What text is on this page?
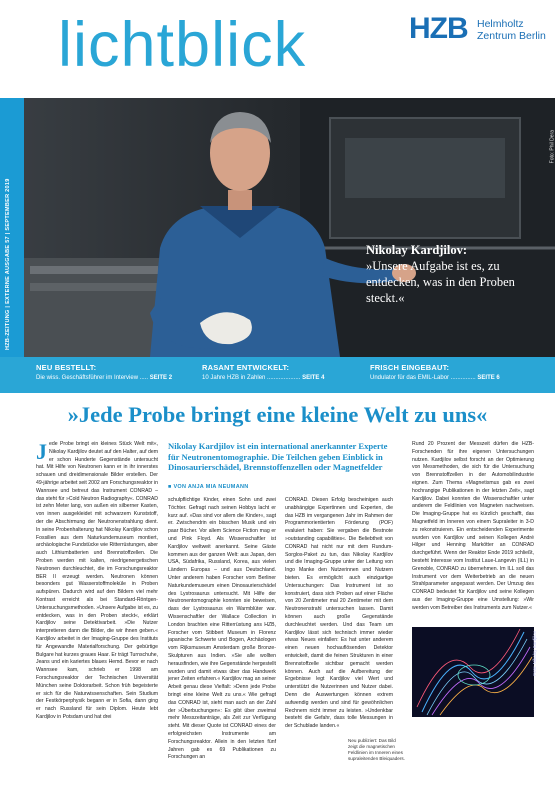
lichtblick	HZB Helmholtz
Zentrum Berlin
HZB-ZEITUNG | EXTERNE AUSGABE 57 | SEPTEMBER 2019
Foto: Phil Dera
Nikolay Kardjilov:
»Unsere Aufgabe ist es, zu entdecken, was in den Proben steckt.«
NEU BESTELLT:
Die wiss. Geschäftsführer im Interview ..... SEITE 2
RASANT ENTWICKELT:
10 Jahre HZB in Zahlen .................... SEITE 4
FRISCH EINGEBAUT:
Undulator für das EMIL-Labor ............... SEITE 6
»Jede Probe bringt eine kleine Welt zu uns«
J ede Probe bringt ein kleines Stück Welt mit«, Nikolay Kardjilov deutet auf den Halter, auf dem er schon Hunderte Gegenstände untersucht hat. Mit Hilfe von Neutronen kann er in ihr innerstes schauen und dreidimensionale Bilder erstellen. Der 49-jährige arbeitet seit 2002 am Forschungsreaktor in Wannsee und betreut das Instrument CONRAD – das steht für »Cold Neutron Radiography«. CONRAD ist zehn Meter lang, von außen ein silberner Kasten, von innen ausgekleidet mit schwarzem Kunststoff, der die Abschirmung der Neutronenstrahlung dient. In seine Probenhalterung hat Nikolay Kardjilov schon Fossilien aus dem Naturkundemuseum montiert, archäologische Fundstücke wie Ritterrüstungen, aber auch Lithiumbatterien und Brennstoffzellen. Die Proben werden mit kalten, niedrigenergetischen Neutronen durchleuchtet, die im Forschungsreaktor BER II erzeugt werden. Neutronen können besonders gut Wasserstoffmoleküle in Proben aufspüren. Dadurch wird auf den Bildern viel mehr Kontrast erreicht als bei Standard-Röntgen-Untersuchungsmethoden. »Unsere Aufgabe ist es, zu entdecken, was in den Proben steckt«, erklärt Kardjilov seine Detektivarbeit. »Die Nutzer interpretieren dann die Bilder, die wir ihnen geben.« Kardjilov arbeitet in der Imaging-Gruppe des Instituts für Angewandte Materialforschung. Der gebürtige Bulgare hat kurzes graues Haar. Er trägt Turnschuhe, Jeans und ein kariertes blaues Hemd. Bevor er nach Wannsee kam, schrieb er 1998 am Forschungsreaktor der Technischen Universität München seine Doktorarbeit. Schon früh begeisterte er sich für die Naturwissenschaften. Sein Studium der Festkörperphysik begann er in Sofia, dann ging er nach Russland für sein Diplom. Heute lebt Kardjilov in Potsdam und hat drei
Nikolay Kardjilov ist ein international anerkannter Experte für Neutronentomographie. Die Teilchen geben Einblick in Dinosaurierschädel, Brennstoffenzellen oder Magnetfelder
■ VON ANJA MIA NEUMANN
schulpflichtige Kinder, einen Sohn und zwei Töchter. Gefragt nach seinen Hobbys lacht er kurz auf. »Das sind vor allem die Kinder«, sagt er. Zwischendrin ein bisschen Musik und ein paar Bücher. Vor allem Science Fiction mag er und Pink Floyd. Als Wissenschaftler ist Kardjilov weltweit anerkannt. Seine Gäste kommen aus der ganzen Welt: aus Japan, den USA, Südafrika, Russland, Korea, aus vielen Ländern Europas – und aus Deutschland. Unter anderem haben Forscher vom Berliner Naturkundemuseum einen Dinosaurierschädel des Lystrosaurus untersucht. Mit Hilfe der Neutronentomographie konnten sie beweisen, dass der Lystrosaurus ein Warmblüter war. Wissenschaftler der Wallace Collection in London brachten eine Ritterrüstung ans HZB, Forscher vom Stibbert Museum in Florenz japanische Schwerte und Bogen, Archäologen vom Rijksmuseum Amsterdam große Bronze-Skulpturen aus Indien. »Sie alle wollten herausfinden, wie ihre Gegenstände hergestellt wurden und damit etwas über das Handwerk jener Zeiten erfahren.« Kardjilov mag an seiner Arbeit genau diese Vielfalt: »Denn jede Probe bringt eine kleine Welt zu uns.« Wie gefragt das CONRAD ist, sieht man auch an der Zahl der »Überbuchungen«: Es gibt über zweimal mehr Messzeitanträge, als Zeit zur Verfügung steht. Mit dieser Quote ist CONRAD eines der erfolgreichsten Instrumente am Forschungsreaktor. Allein in den letzten fünf Jahren gab es 69 Publikationen zu Forschungen an
CONRAD. Diesen Erfolg bescheinigen auch unabhängige Expertinnen und Experten, die das HZB im vergangenen Jahr im Rahmen der Programmorientierten Förderung (POF) evaluiert haben: Sie vergaben die Bestnote »outstanding capabilities«. Die Beliebtheit von CONRAD hat nicht nur mit dem Rundum-Sorglos-Paket zu tun, das Nikolay Kardjilov und die Imaging-Gruppe unter der Leitung von Ingo Manke den Nutzerinnen und Nutzern bieten. Es ermöglicht auch einzigartige Untersuchungen: Das Instrument ist so konstruiert, dass sich Proben auf einer Fläche von 20 Zentimeter mal 20 Zentimeter mit dem Neutronenstrahl untersuchen lassen. Damit können auch große Gegenstände durchleuchtet werden. Und das Team um Kardjilov lässt sich technisch immer wieder etwas Neues einfallen: Es hat unter anderem einen neuen hochauflösenden Detektor entwickelt, damit die feinen Strukturen in einer Brennstoffzelle sichtbar gemacht werden können. Auch auf die Aufbereitung der Ergebnisse legt Kardjilov viel Wert und unterstützt die Nutzerinnen und Nutzer dabei. Denn die Auswertungen können extrem aufwendig werden und sind für gewöhnlichen Rechnern nicht immer zu leisten. »Undenkbar besteht die Gefahr, dass tolle Messungen in der Schublade landen.«
Rund 20 Prozent der Messzeit dürfen die HZB-Forschenden für ihre eigenen Untersuchungen nutzen. Kardjilov selbst forscht an der Optimierung von Messmethoden, die sich für die Untersuchung von Brennstoffzellen in der Automobilindustrie eignen. Zum Thema »Magnetismus gab es zwei hochrangige Publikationen in der letzten Zeit«, sagt Kardjilov. Dabei konnten die Wissenschaftler unter anderem die Feldlinien von Magneten nachweisen. Die Imaging-Gruppe hat es kürzlich geschafft, das Magnetfeld im Inneren von einem Supraleiter in 3-D zu rekonstruieren. Ein entscheidenden Experimente wurden von Kardjilov und seinen Kollegen André Hilger und Henning Markötter an CONRAD durchgeführt. Wenn der Reaktor Ende 2019 schließt, besteht Interesse vom Institut Laue-Langevin (ILL) in Grenoble, CONRAD zu übernehmen. Im ILL soll das Instrument vor dem Weiterbetrieb an die neuen Strahlparameter angepasst werden. Der Umzug des CONRAD bedeutet für Kardjilov und seine Kollegen aus der Imaging-Gruppe eine Umstellung: »Wir werden vom Betreiber des Instruments zum Nutzer.«
Foto: Nikolay Kardjilov
Neu publiziert: Das Bild zeigt die magnetischen Feldlinien im Inneren eines supraleitenden Bleiquaders.
